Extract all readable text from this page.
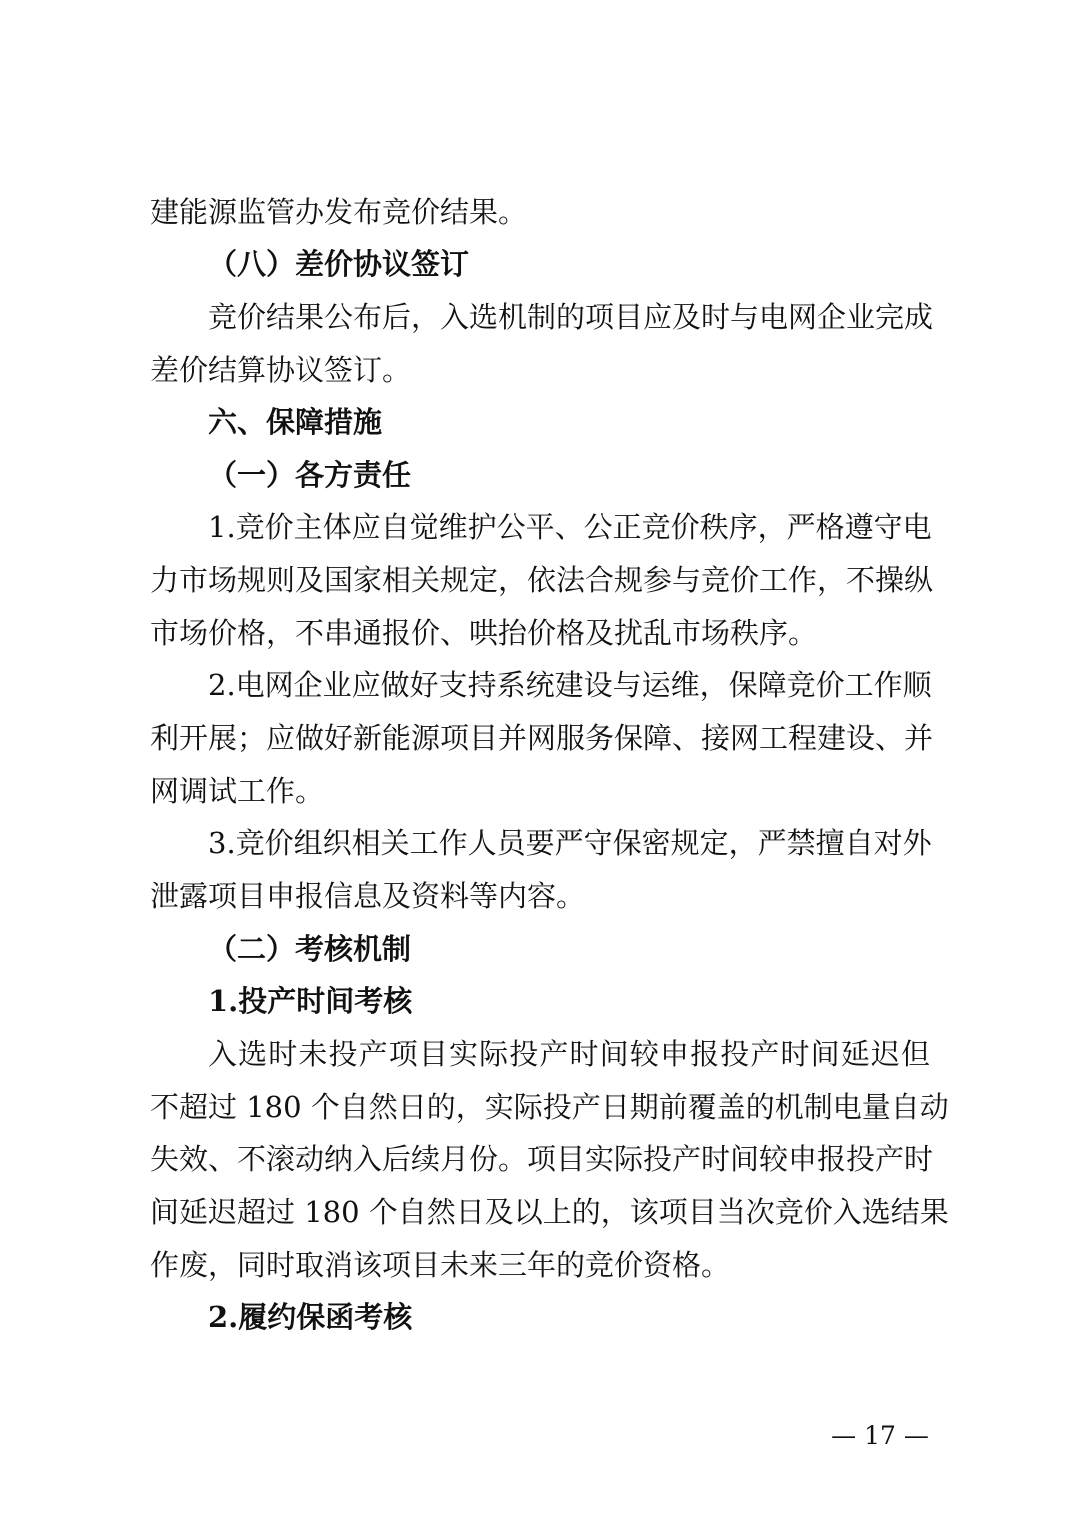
建能源监管办发布竞价结果。
（八）差价协议签订
竞价结果公布后，入选机制的项目应及时与电网企业完成
差价结算协议签订。
六、保障措施
（一）各方责任
1.竞价主体应自觉维护公平、公正竞价秩序，严格遵守电
力市场规则及国家相关规定，依法合规参与竞价工作，不操纵
市场价格，不串通报价、哄抬价格及扰乱市场秩序。
2.电网企业应做好支持系统建设与运维，保障竞价工作顺
利开展；应做好新能源项目并网服务保障、接网工程建设、并
网调试工作。
3.竞价组织相关工作人员要严守保密规定，严禁擅自对外
泄露项目申报信息及资料等内容。
（二）考核机制
1.投产时间考核
入选时未投产项目实际投产时间较申报投产时间延迟但
不超过 180 个自然日的，实际投产日期前覆盖的机制电量自动
失效、不滚动纳入后续月份。项目实际投产时间较申报投产时
间延迟超过 180 个自然日及以上的，该项目当次竞价入选结果
作废，同时取消该项目未来三年的竞价资格。
2.履约保函考核
— 17 —
